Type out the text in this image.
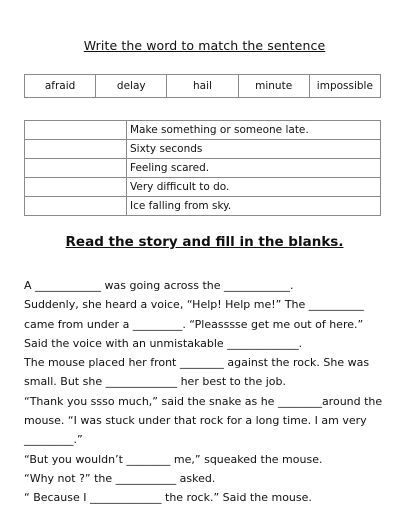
Write the word to match the sentence
afraid	delay	hail	minute	impossible
	Make something or someone late.
	Sixty seconds
	Feeling scared.
	Very difficult to do.
	Ice falling from sky.
Read the story and fill in the blanks.
A ____________ was going across the ____________.
Suddenly, she heard a voice, “Help! Help me!” The __________
came from under a _________. “Pleasssse get me out of here.”
Said the voice with an unmistakable _____________.
The mouse placed her front ________ against the rock. She was
small. But she _____________ her best to the job.
“Thank you ssso much,” said the snake as he ________around the
mouse. “I was stuck under that rock for a long time. I am very
_________.”
“But you wouldn’t ________ me,” squeaked the mouse.
“Why not ?” the ___________ asked.
“ Because I _____________ the rock.” Said the mouse.
